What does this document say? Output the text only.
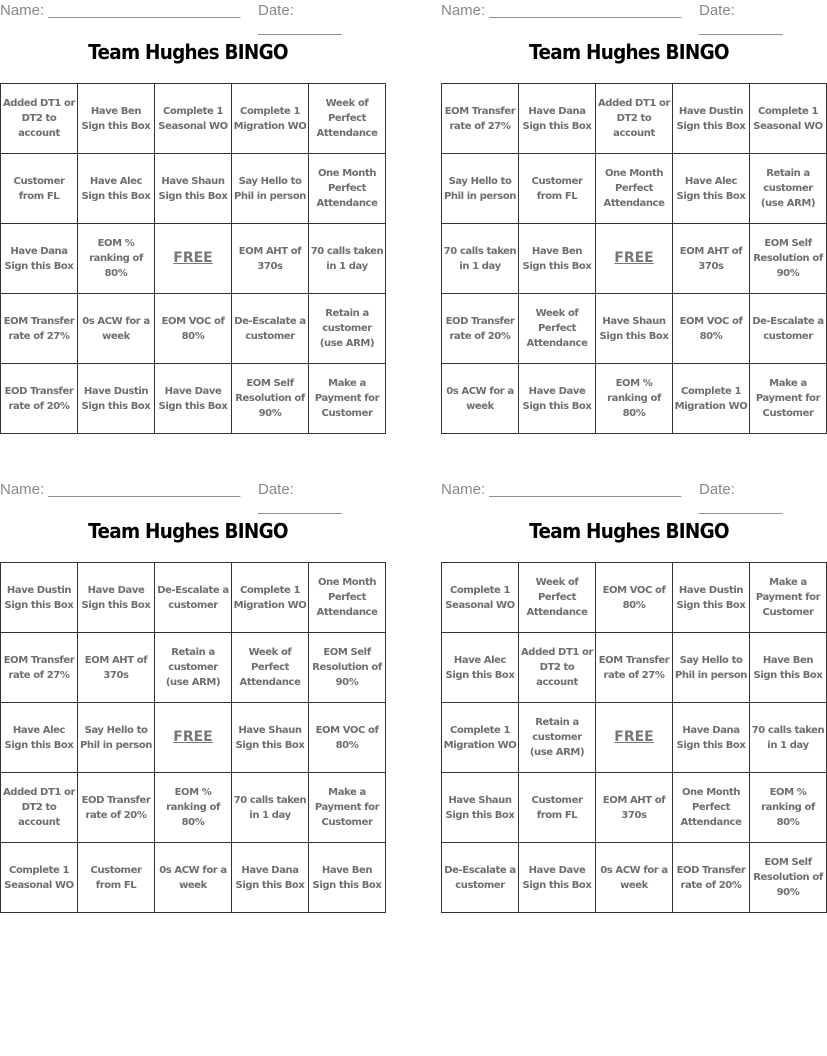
Name: _______________________ Date: __________
Team Hughes BINGO
Added DT1 or DT2 to account	Have Ben Sign this Box	Complete 1 Seasonal WO	Complete 1 Migration WO	Week of Perfect Attendance
Customer from FL	Have Alec Sign this Box	Have Shaun Sign this Box	Say Hello to Phil in person	One Month Perfect Attendance
Have Dana Sign this Box	EOM % ranking of 80%	FREE	EOM AHT of 370s	70 calls taken in 1 day
EOM Transfer rate of 27%	0s ACW for a week	EOM VOC of 80%	De-Escalate a customer	Retain a customer (use ARM)
EOD Transfer rate of 20%	Have Dustin Sign this Box	Have Dave Sign this Box	EOM Self Resolution of 90%	Make a Payment for Customer
Name: _______________________ Date: __________
Team Hughes BINGO
EOM Transfer rate of 27%	Have Dana Sign this Box	Added DT1 or DT2 to account	Have Dustin Sign this Box	Complete 1 Seasonal WO
Say Hello to Phil in person	Customer from FL	One Month Perfect Attendance	Have Alec Sign this Box	Retain a customer (use ARM)
70 calls taken in 1 day	Have Ben Sign this Box	FREE	EOM AHT of 370s	EOM Self Resolution of 90%
EOD Transfer rate of 20%	Week of Perfect Attendance	Have Shaun Sign this Box	EOM VOC of 80%	De-Escalate a customer
0s ACW for a week	Have Dave Sign this Box	EOM % ranking of 80%	Complete 1 Migration WO	Make a Payment for Customer
Name: _______________________ Date: __________
Team Hughes BINGO
Have Dustin Sign this Box	Have Dave Sign this Box	De-Escalate a customer	Complete 1 Migration WO	One Month Perfect Attendance
EOM Transfer rate of 27%	EOM AHT of 370s	Retain a customer (use ARM)	Week of Perfect Attendance	EOM Self Resolution of 90%
Have Alec Sign this Box	Say Hello to Phil in person	FREE	Have Shaun Sign this Box	EOM VOC of 80%
Added DT1 or DT2 to account	EOD Transfer rate of 20%	EOM % ranking of 80%	70 calls taken in 1 day	Make a Payment for Customer
Complete 1 Seasonal WO	Customer from FL	0s ACW for a week	Have Dana Sign this Box	Have Ben Sign this Box
Name: _______________________ Date: __________
Team Hughes BINGO
Complete 1 Seasonal WO	Week of Perfect Attendance	EOM VOC of 80%	Have Dustin Sign this Box	Make a Payment for Customer
Have Alec Sign this Box	Added DT1 or DT2 to account	EOM Transfer rate of 27%	Say Hello to Phil in person	Have Ben Sign this Box
Complete 1 Migration WO	Retain a customer (use ARM)	FREE	Have Dana Sign this Box	70 calls taken in 1 day
Have Shaun Sign this Box	Customer from FL	EOM AHT of 370s	One Month Perfect Attendance	EOM % ranking of 80%
De-Escalate a customer	Have Dave Sign this Box	0s ACW for a week	EOD Transfer rate of 20%	EOM Self Resolution of 90%
